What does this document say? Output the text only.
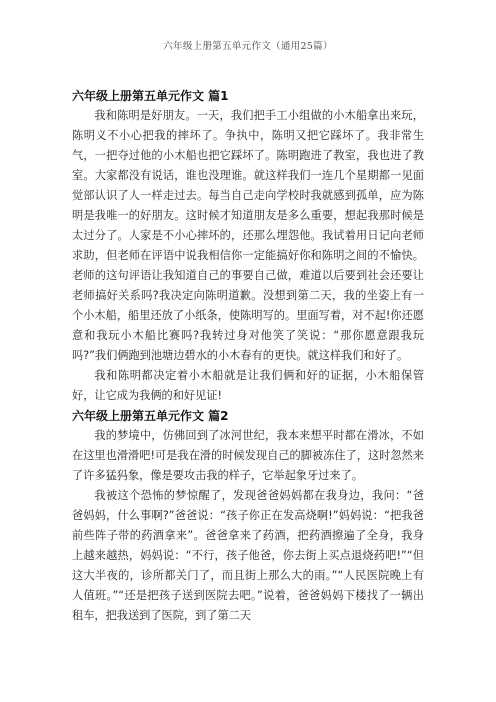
六年级上册第五单元作文（通用25篇）
六年级上册第五单元作文 篇1

我和陈明是好朋友。一天，我们把手工小组做的小木船拿出来玩，陈明义不小心把我的摔坏了。争执中，陈明又把它踩坏了。我非常生气，一把夺过他的小木船也把它踩坏了。陈明跑进了教室，我也进了教室。大家都没有说话，谁也没理谁。就这样我们一连几个星期都一见面觉部认识了人一样走过去。每当自己走向学校时我就感到孤单，应为陈明是我唯一的好朋友。这时候才知道朋友是多么重要，想起我那时候是太过分了。人家是不小心摔坏的，还那么埋怨他。我试着用日记向老师求助，但老师在评语中说我相信你一定能搞好你和陈明之间的不愉快。老师的这句评语让我知道自己的事要自己做，难道以后要到社会还要让老师搞好关系吗?我决定向陈明道歉。没想到第二天，我的坐姿上有一个小木船，船里还放了小纸条，使陈明写的。里面写着，对不起!你还愿意和我玩小木船比赛吗?我转过身对他笑了笑说：“那你愿意跟我玩吗?”我们俩跑到池塘边碧水的小木春有的更快。就这样我们和好了。

我和陈明都决定着小木船就是让我们俩和好的证据，小木船保管好，让它成为我俩的和好见证!

六年级上册第五单元作文 篇2

我的梦境中，仿佛回到了冰河世纪，我本来想平时都在滑冰，不如在这里也滑滑吧!可是我在滑的时候发现自己的脚被冻住了，这时忽然来了许多猛犸象，像是要攻击我的样子，它举起象牙过来了。

我被这个恐怖的梦惊醒了，发现爸爸妈妈都在我身边，我问：“爸爸妈妈，什么事啊?”爸爸说：“孩子你正在发高烧啊!”妈妈说：“把我爸前些阵子带的药酒拿来”。爸爸拿来了药酒，把药酒擦遍了全身，我身上越来越热，妈妈说：“不行，孩子他爸，你去街上买点退烧药吧!”“但这大半夜的，诊所都关门了，而且街上那么大的雨。”“人民医院晚上有人值班。”“还是把孩子送到医院去吧。”说着，爸爸妈妈下楼找了一辆出租车，把我送到了医院，到了第二天
